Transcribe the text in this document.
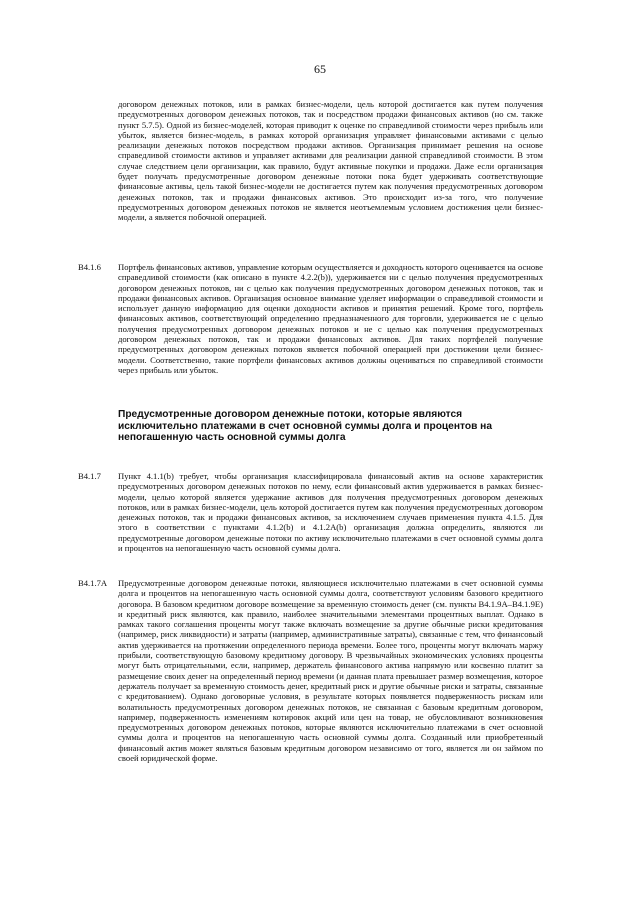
65

договором денежных потоков, или в рамках бизнес-модели, цель которой достигается как путем получения предусмотренных договором денежных потоков, так и посредством продажи финансовых активов (но см. также пункт 5.7.5). Одной из бизнес-моделей, которая приводит к оценке по справедливой стоимости через прибыль или убыток, является бизнес-модель, в рамках которой организация управляет финансовыми активами с целью реализации денежных потоков посредством продажи активов. Организация принимает решения на основе справедливой стоимости активов и управляет активами для реализации данной справедливой стоимости. В этом случае следствием цели организации, как правило, будут активные покупки и продажи. Даже если организация будет получать предусмотренные договором денежные потоки пока будет удерживать соответствующие финансовые активы, цель такой бизнес-модели не достигается путем как получения предусмотренных договором денежных потоков, так и продажи финансовых активов. Это происходит из-за того, что получение предусмотренных договором денежных потоков не является неотъемлемым условием достижения цели бизнес-модели, а является побочной операцией.

B4.1.6 Портфель финансовых активов, управление которым осуществляется и доходность которого оценивается на основе справедливой стоимости (как описано в пункте 4.2.2(b)), удерживается ни с целью получения предусмотренных договором денежных потоков, ни с целью как получения предусмотренных договором денежных потоков, так и продажи финансовых активов. Организация основное внимание уделяет информации о справедливой стоимости и использует данную информацию для оценки доходности активов и принятия решений. Кроме того, портфель финансовых активов, соответствующий определению предназначенного для торговли, удерживается не с целью получения предусмотренных договором денежных потоков и не с целью как получения предусмотренных договором денежных потоков, так и продажи финансовых активов. Для таких портфелей получение предусмотренных договором денежных потоков является побочной операцией при достижении цели бизнес-модели. Соответственно, такие портфели финансовых активов должны оцениваться по справедливой стоимости через прибыль или убыток.

Предусмотренные договором денежные потоки, которые являются исключительно платежами в счет основной суммы долга и процентов на непогашенную часть основной суммы долга
B4.1.7 Пункт 4.1.1(b) требует, чтобы организация классифицировала финансовый актив на основе характеристик предусмотренных договором денежных потоков по нему, если финансовый актив удерживается в рамках бизнес-модели, целью которой является удержание активов для получения предусмотренных договором денежных потоков, или в рамках бизнес-модели, цель которой достигается путем как получения предусмотренных договором денежных потоков, так и продажи финансовых активов, за исключением случаев применения пункта 4.1.5. Для этого в соответствии с пунктами 4.1.2(b) и 4.1.2A(b) организация должна определить, являются ли предусмотренные договором денежные потоки по активу исключительно платежами в счет основной суммы долга и процентов на непогашенную часть основной суммы долга.

B4.1.7A Предусмотренные договором денежные потоки, являющиеся исключительно платежами в счет основной суммы долга и процентов на непогашенную часть основной суммы долга, соответствуют условиям базового кредитного договора. В базовом кредитном договоре возмещение за временную стоимость денег (см. пункты B4.1.9A–B4.1.9E) и кредитный риск являются, как правило, наиболее значительными элементами процентных выплат. Однако в рамках такого соглашения проценты могут также включать возмещение за другие обычные риски кредитования (например, риск ликвидности) и затраты (например, административные затраты), связанные с тем, что финансовый актив удерживается на протяжении определенного периода времени. Более того, проценты могут включать маржу прибыли, соответствующую базовому кредитному договору. В чрезвычайных экономических условиях проценты могут быть отрицательными, если, например, держатель финансового актива напрямую или косвенно платит за размещение своих денег на определенный период времени (и данная плата превышает размер возмещения, которое держатель получает за временную стоимость денег, кредитный риск и другие обычные риски и затраты, связанные с кредитованием). Однако договорные условия, в результате которых появляется подверженность рискам или волатильность предусмотренных договором денежных потоков, не связанная с базовым кредитным договором, например, подверженность изменениям котировок акций или цен на товар, не обусловливают возникновения предусмотренных договором денежных потоков, которые являются исключительно платежами в счет основной суммы долга и процентов на непогашенную часть основной суммы долга. Созданный или приобретенный финансовый актив может являться базовым кредитным договором независимо от того, является ли он займом по своей юридической форме.
